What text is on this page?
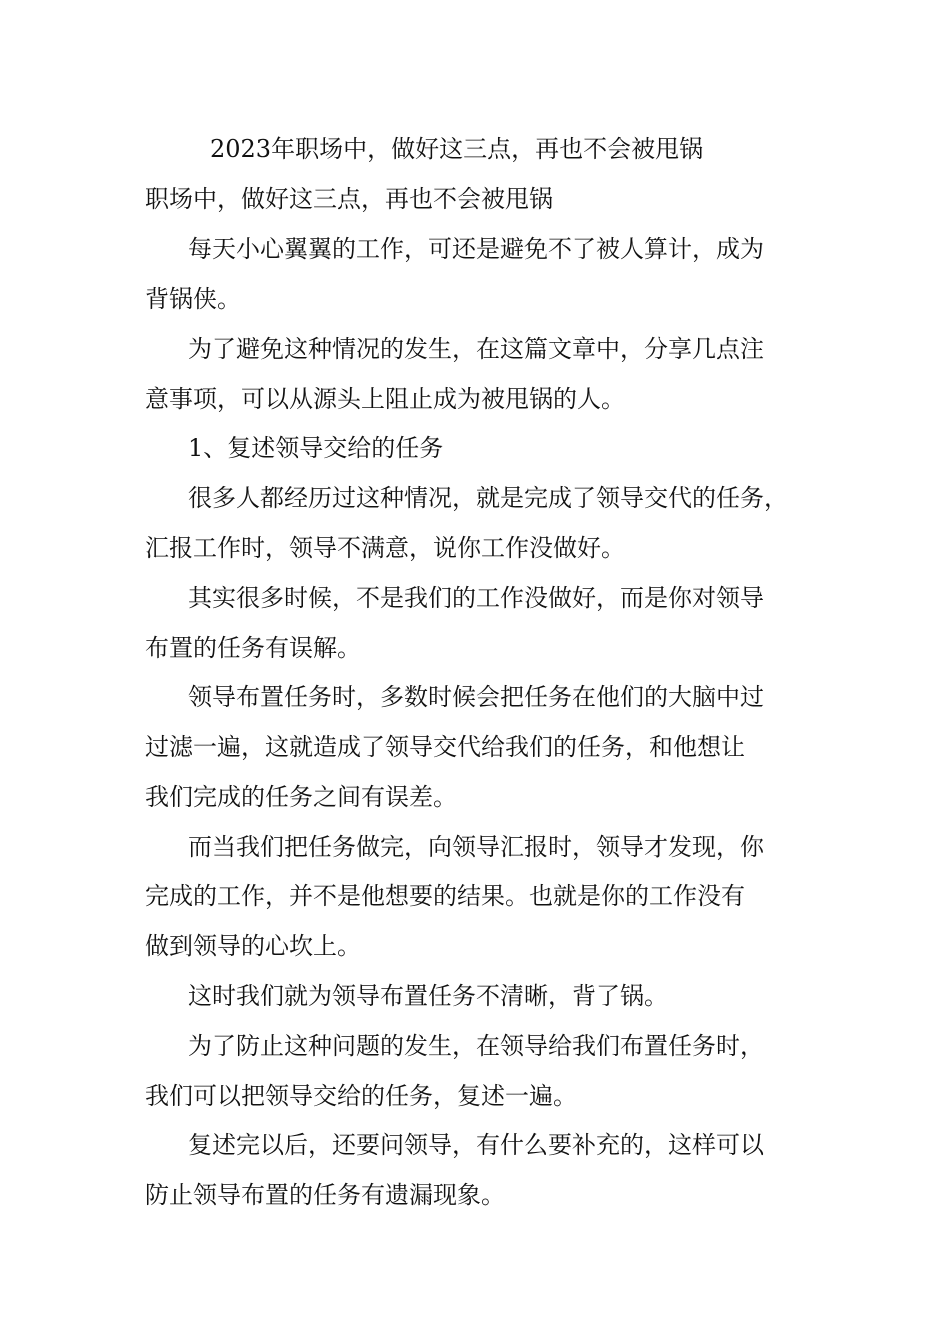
2023年职场中，做好这三点，再也不会被甩锅

职场中，做好这三点，再也不会被甩锅

每天小心翼翼的工作，可还是避免不了被人算计，成为

背锅侠。

为了避免这种情况的发生，在这篇文章中，分享几点注

意事项，可以从源头上阻止成为被甩锅的人。

1、复述领导交给的任务

很多人都经历过这种情况，就是完成了领导交代的任务，

汇报工作时，领导不满意，说你工作没做好。

其实很多时候，不是我们的工作没做好，而是你对领导

布置的任务有误解。

领导布置任务时，多数时候会把任务在他们的大脑中过

过滤一遍，这就造成了领导交代给我们的任务，和他想让

我们完成的任务之间有误差。

而当我们把任务做完，向领导汇报时，领导才发现，你

完成的工作，并不是他想要的结果。也就是你的工作没有

做到领导的心坎上。

这时我们就为领导布置任务不清晰，背了锅。

为了防止这种问题的发生，在领导给我们布置任务时，

我们可以把领导交给的任务，复述一遍。

复述完以后，还要问领导，有什么要补充的，这样可以

防止领导布置的任务有遗漏现象。
